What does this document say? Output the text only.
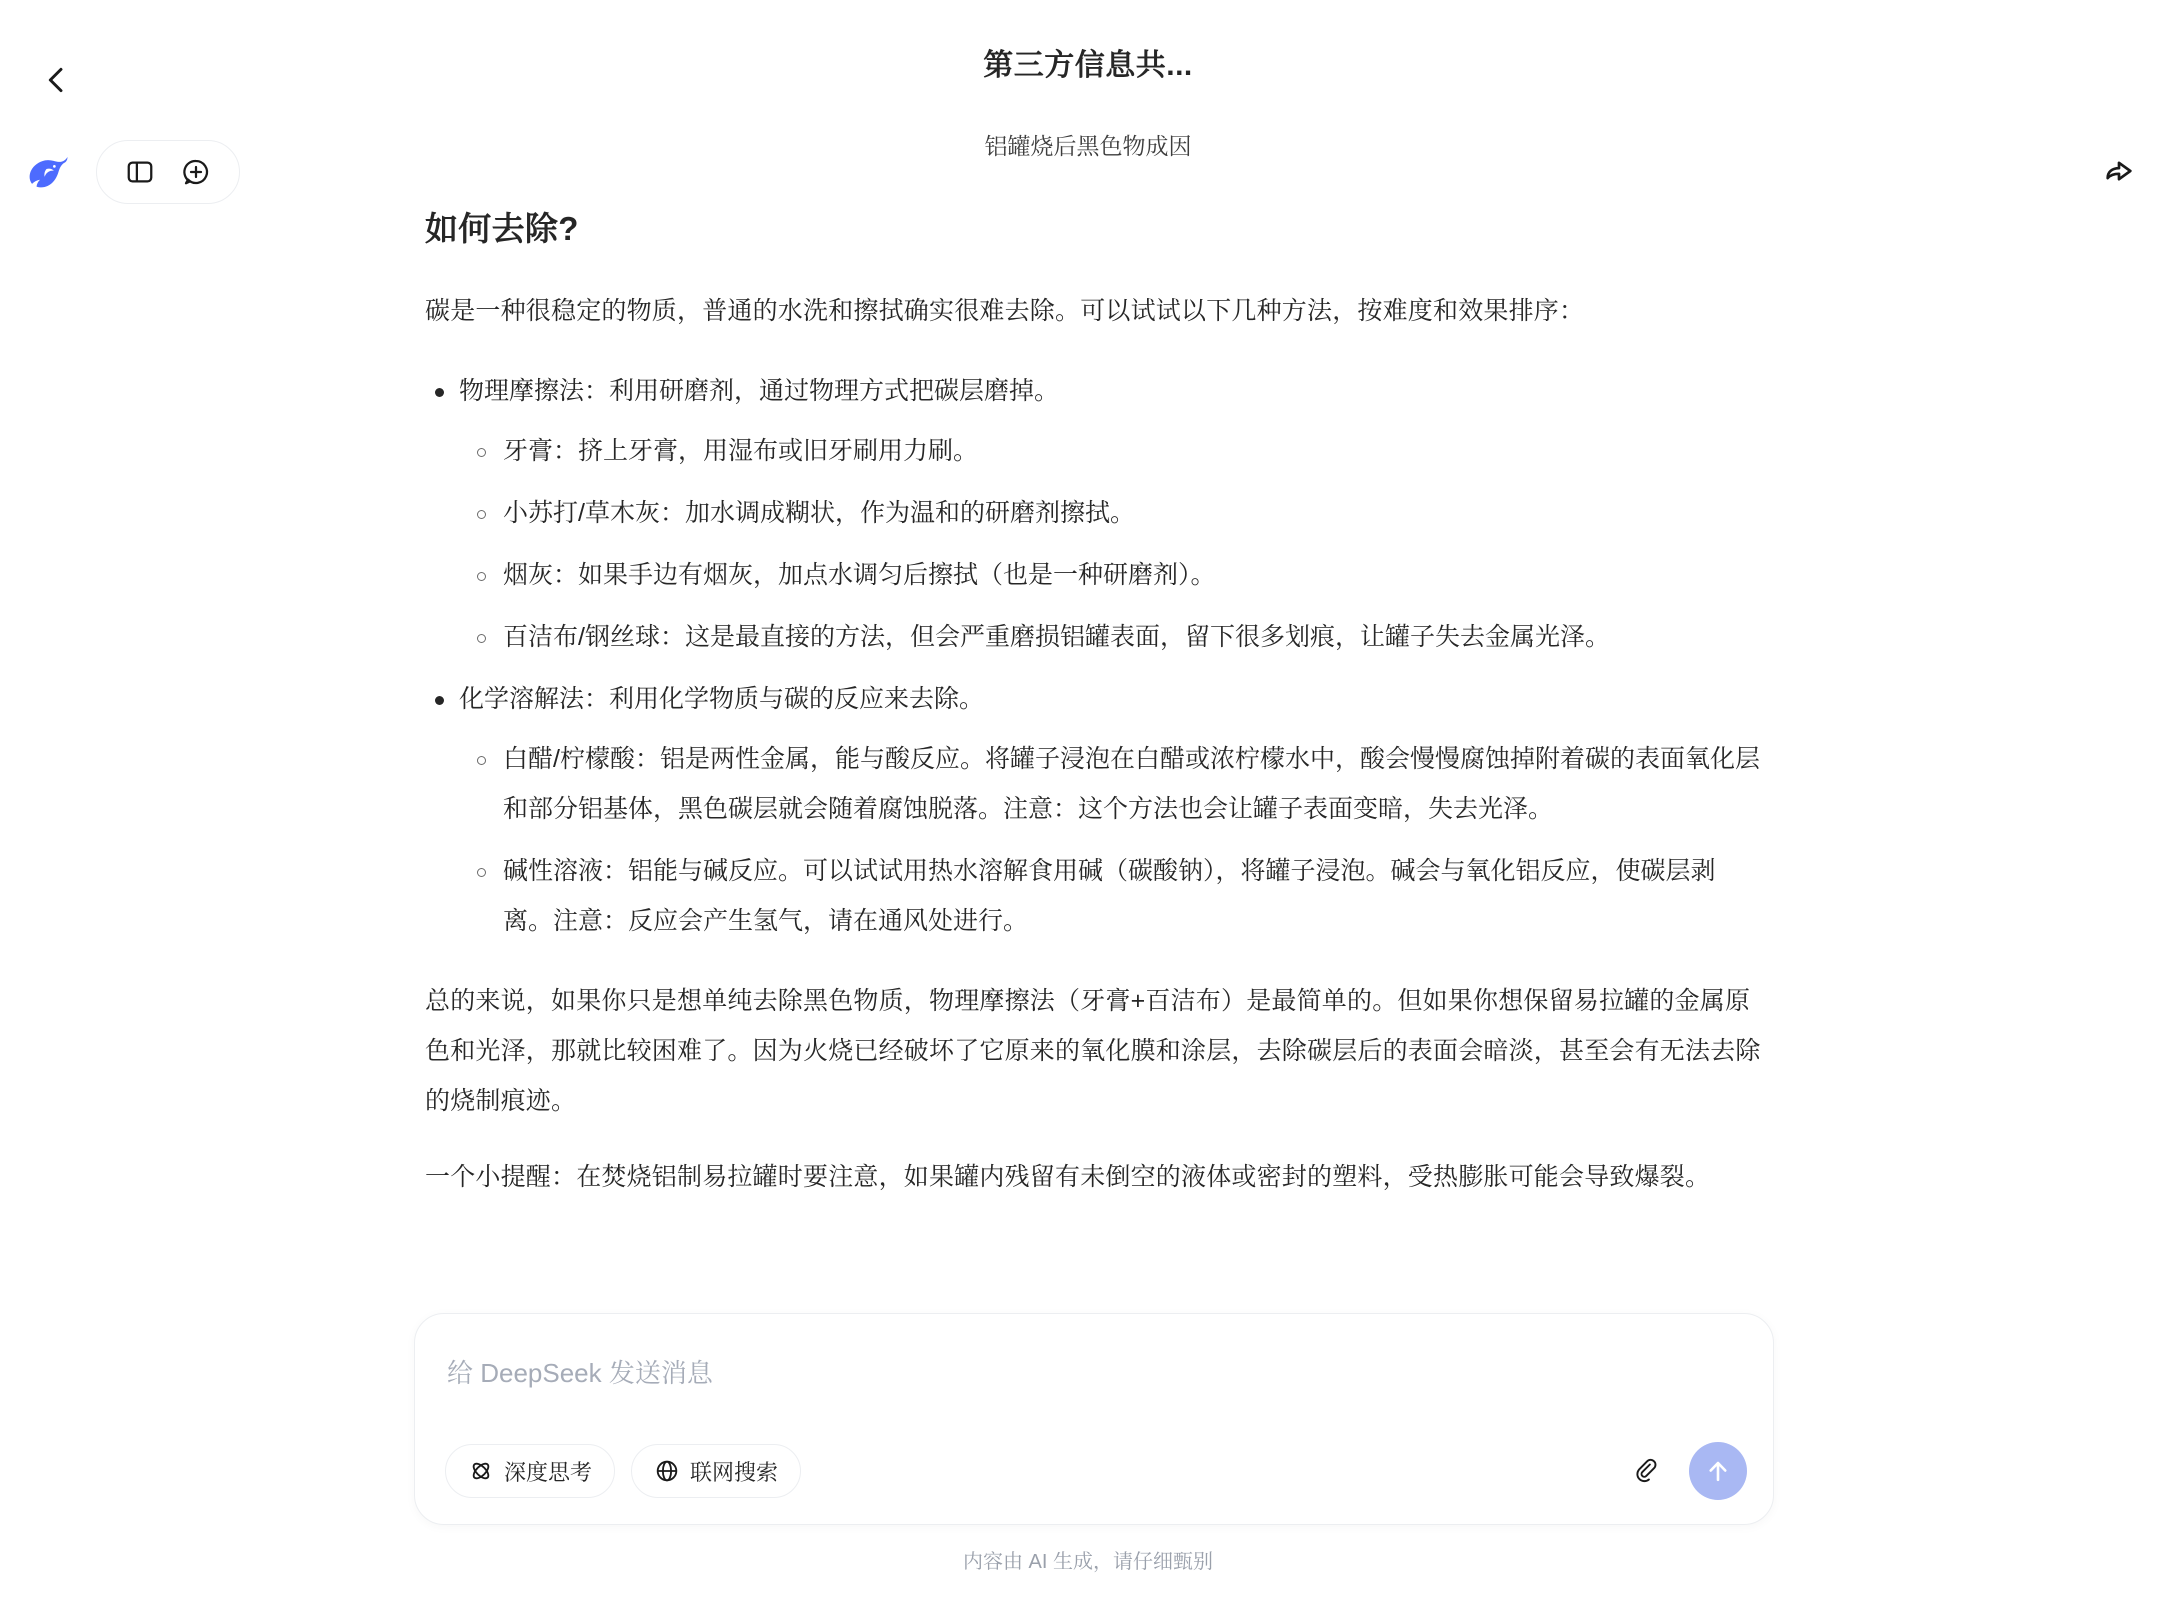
第三方信息共...
铝罐烧后黑色物成因
如何去除?
碳是一种很稳定的物质，普通的水洗和擦拭确实很难去除。可以试试以下几种方法，按难度和效果排序：
物理摩擦法：利用研磨剂，通过物理方式把碳层磨掉。
牙膏：挤上牙膏，用湿布或旧牙刷用力刷。
小苏打/草木灰：加水调成糊状，作为温和的研磨剂擦拭。
烟灰：如果手边有烟灰，加点水调匀后擦拭（也是一种研磨剂）。
百洁布/钢丝球：这是最直接的方法，但会严重磨损铝罐表面，留下很多划痕，让罐子失去金属光泽。
化学溶解法：利用化学物质与碳的反应来去除。
白醋/柠檬酸：铝是两性金属，能与酸反应。将罐子浸泡在白醋或浓柠檬水中，酸会慢慢腐蚀掉附着碳的表面氧化层和部分铝基体，黑色碳层就会随着腐蚀脱落。注意：这个方法也会让罐子表面变暗，失去光泽。
碱性溶液：铝能与碱反应。可以试试用热水溶解食用碱（碳酸钠），将罐子浸泡。碱会与氧化铝反应，使碳层剥离。注意：反应会产生氢气，请在通风处进行。
总的来说，如果你只是想单纯去除黑色物质，物理摩擦法（牙膏+百洁布）是最简单的。但如果你想保留易拉罐的金属原色和光泽，那就比较困难了。因为火烧已经破坏了它原来的氧化膜和涂层，去除碳层后的表面会暗淡，甚至会有无法去除的烧制痕迹。
一个小提醒：在焚烧铝制易拉罐时要注意，如果罐内残留有未倒空的液体或密封的塑料，受热膨胀可能会导致爆裂。
给 DeepSeek 发送消息
深度思考	联网搜索
内容由 AI 生成，请仔细甄别
